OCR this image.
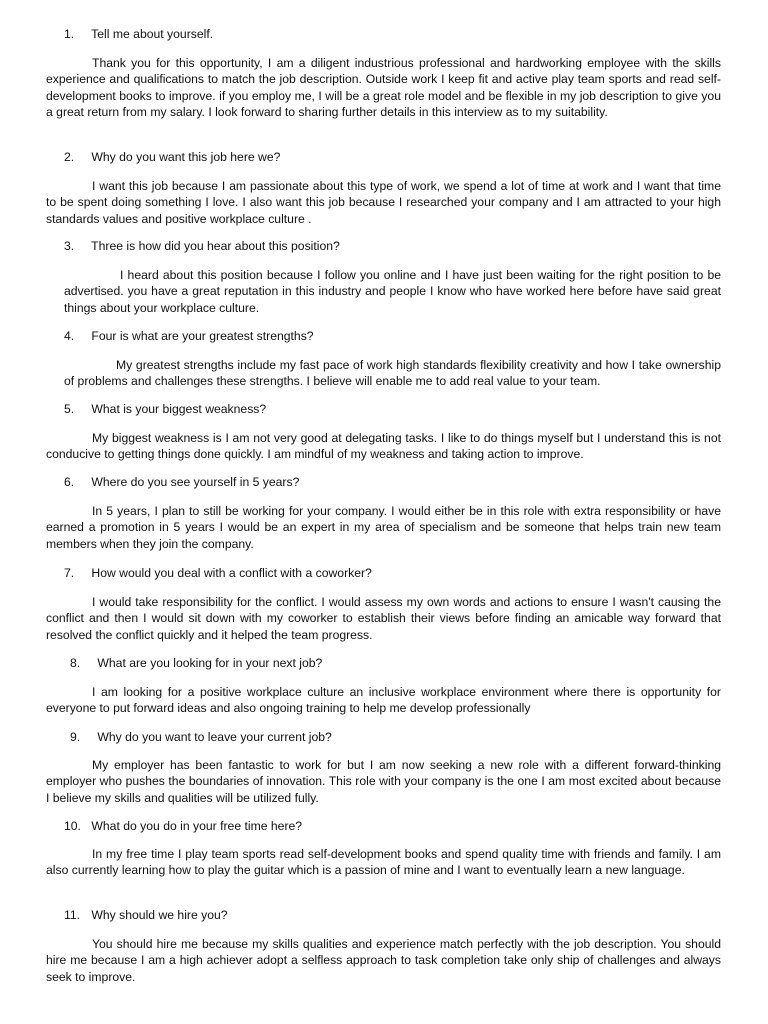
1. Tell me about yourself.
Thank you for this opportunity, I am a diligent industrious professional and hardworking employee with the skills experience and qualifications to match the job description. Outside work I keep fit and active play team sports and read self-development books to improve. if you employ me, I will be a great role model and be flexible in my job description to give you a great return from my salary. I look forward to sharing further details in this interview as to my suitability.
2. Why do you want this job here we?
I want this job because I am passionate about this type of work, we spend a lot of time at work and I want that time to be spent doing something I love. I also want this job because I researched your company and I am attracted to your high standards values and positive workplace culture .
3. Three is how did you hear about this position?
I heard about this position because I follow you online and I have just been waiting for the right position to be advertised. you have a great reputation in this industry and people I know who have worked here before have said great things about your workplace culture.
4. Four is what are your greatest strengths?
My greatest strengths include my fast pace of work high standards flexibility creativity and how I take ownership of problems and challenges these strengths. I believe will enable me to add real value to your team.
5. What is your biggest weakness?
My biggest weakness is I am not very good at delegating tasks. I like to do things myself but I understand this is not conducive to getting things done quickly. I am mindful of my weakness and taking action to improve.
6. Where do you see yourself in 5 years?
In 5 years, I plan to still be working for your company. I would either be in this role with extra responsibility or have earned a promotion in 5 years I would be an expert in my area of specialism and be someone that helps train new team members when they join the company.
7. How would you deal with a conflict with a coworker?
I would take responsibility for the conflict. I would assess my own words and actions to ensure I wasn't causing the conflict and then I would sit down with my coworker to establish their views before finding an amicable way forward that resolved the conflict quickly and it helped the team progress.
8. What are you looking for in your next job?
I am looking for a positive workplace culture an inclusive workplace environment where there is opportunity for everyone to put forward ideas and also ongoing training to help me develop professionally
9. Why do you want to leave your current job?
My employer has been fantastic to work for but I am now seeking a new role with a different forward-thinking employer who pushes the boundaries of innovation. This role with your company is the one I am most excited about because I believe my skills and qualities will be utilized fully.
10. What do you do in your free time here?
In my free time I play team sports read self-development books and spend quality time with friends and family. I am also currently learning how to play the guitar which is a passion of mine and I want to eventually learn a new language.
11. Why should we hire you?
You should hire me because my skills qualities and experience match perfectly with the job description. You should hire me because I am a high achiever adopt a selfless approach to task completion take only ship of challenges and always seek to improve.
